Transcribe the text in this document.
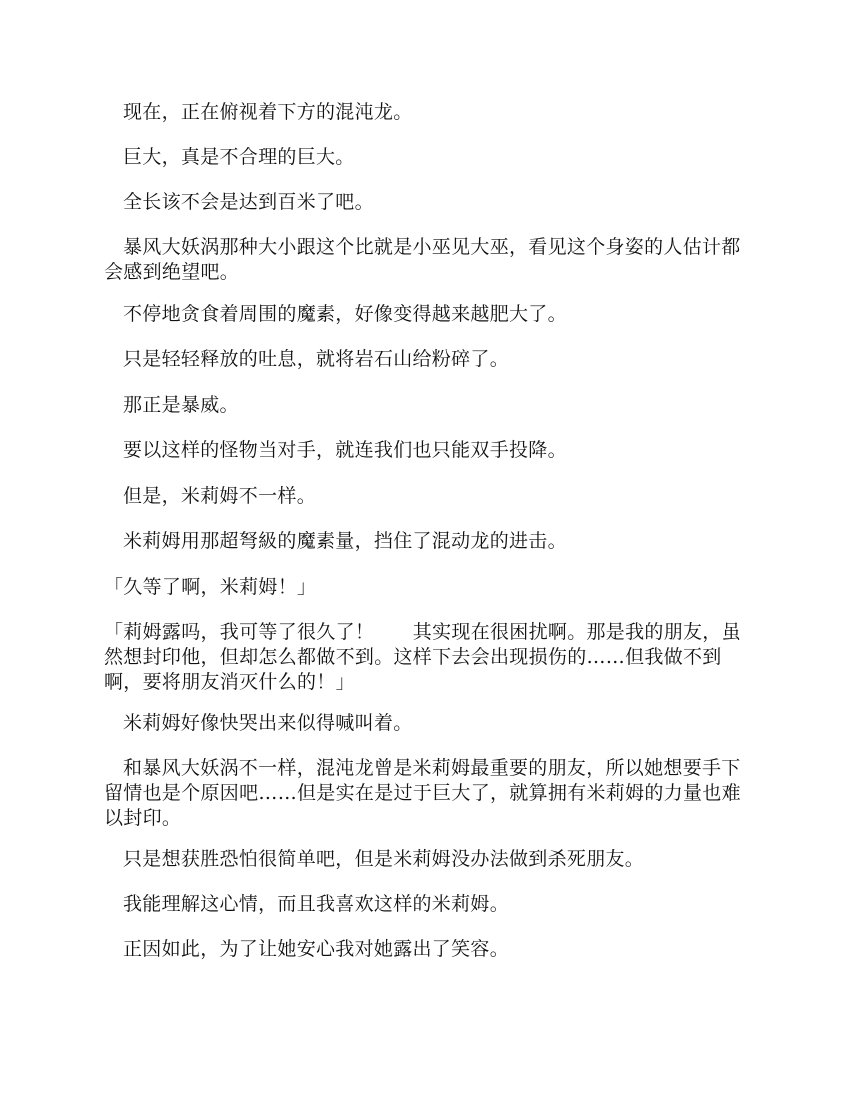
现在，正在俯视着下方的混沌龙。

巨大，真是不合理的巨大。

全长该不会是达到百米了吧。

暴风大妖涡那种大小跟这个比就是小巫见大巫，看见这个身姿的人估计都会感到绝望吧。

不停地贪食着周围的魔素，好像变得越来越肥大了。

只是轻轻释放的吐息，就将岩石山给粉碎了。

那正是暴威。

要以这样的怪物当对手，就连我们也只能双手投降。

但是，米莉姆不一样。

米莉姆用那超弩級的魔素量，挡住了混动龙的进击。

「久等了啊，米莉姆！」

「莉姆露吗，我可等了很久了！　　其实现在很困扰啊。那是我的朋友，虽然想封印他，但却怎么都做不到。这样下去会出现损伤的……但我做不到啊，要将朋友消灭什么的！」

米莉姆好像快哭出来似得喊叫着。

和暴风大妖涡不一样，混沌龙曾是米莉姆最重要的朋友，所以她想要手下留情也是个原因吧……但是实在是过于巨大了，就算拥有米莉姆的力量也难以封印。

只是想获胜恐怕很简单吧，但是米莉姆没办法做到杀死朋友。

我能理解这心情，而且我喜欢这样的米莉姆。

正因如此，为了让她安心我对她露出了笑容。
